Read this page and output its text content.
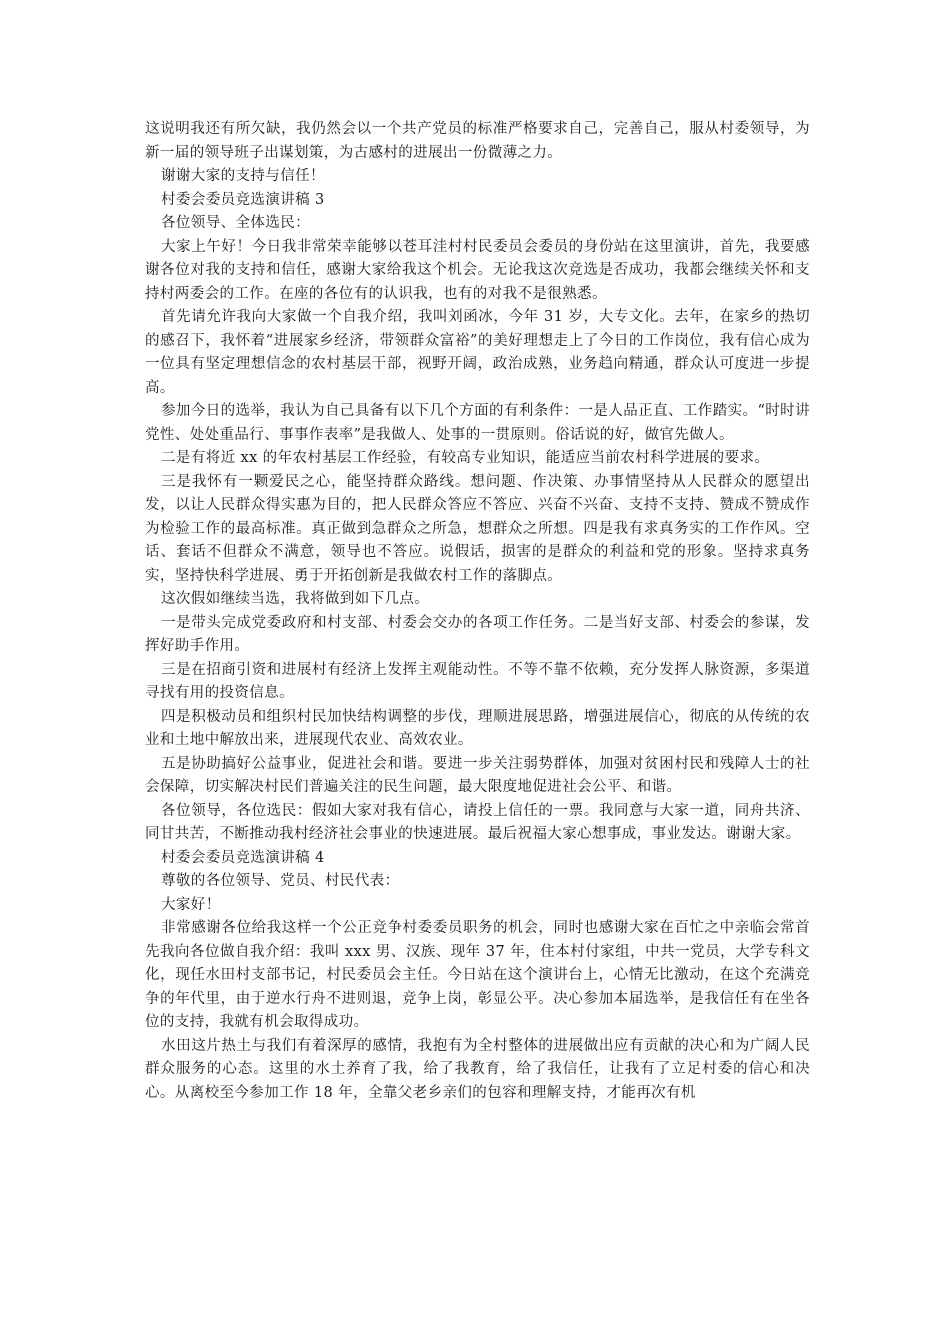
这说明我还有所欠缺，我仍然会以一个共产党员的标准严格要求自己，完善自己，服从村委领导，为新一届的领导班子出谋划策，为古感村的进展出一份微薄之力。

谢谢大家的支持与信任！

村委会委员竞选演讲稿 3

各位领导、全体选民：

大家上午好！今日我非常荣幸能够以苍耳洼村村民委员会委员的身份站在这里演讲，首先，我要感谢各位对我的支持和信任，感谢大家给我这个机会。无论我这次竞选是否成功，我都会继续关怀和支持村两委会的工作。在座的各位有的认识我，也有的对我不是很熟悉。

首先请允许我向大家做一个自我介绍，我叫刘函冰，今年 31 岁，大专文化。去年，在家乡的热切的感召下，我怀着“进展家乡经济，带领群众富裕”的美好理想走上了今日的工作岗位，我有信心成为一位具有坚定理想信念的农村基层干部，视野开阔，政治成熟，业务趋向精通，群众认可度进一步提高。

参加今日的选举，我认为自己具备有以下几个方面的有利条件：一是人品正直、工作踏实。“时时讲党性、处处重品行、事事作表率”是我做人、处事的一贯原则。俗话说的好，做官先做人。

二是有将近 xx 的年农村基层工作经验，有较高专业知识，能适应当前农村科学进展的要求。

三是我怀有一颗爱民之心，能坚持群众路线。想问题、作决策、办事情坚持从人民群众的愿望出发，以让人民群众得实惠为目的，把人民群众答应不答应、兴奋不兴奋、支持不支持、赞成不赞成作为检验工作的最高标准。真正做到急群众之所急，想群众之所想。四是我有求真务实的工作作风。空话、套话不但群众不满意，领导也不答应。说假话，损害的是群众的利益和党的形象。坚持求真务实，坚持快科学进展、勇于开拓创新是我做农村工作的落脚点。

这次假如继续当选，我将做到如下几点。

一是带头完成党委政府和村支部、村委会交办的各项工作任务。二是当好支部、村委会的参谋，发挥好助手作用。

三是在招商引资和进展村有经济上发挥主观能动性。不等不靠不依赖，充分发挥人脉资源，多渠道寻找有用的投资信息。

四是积极动员和组织村民加快结构调整的步伐，理顺进展思路，增强进展信心，彻底的从传统的农业和土地中解放出来，进展现代农业、高效农业。

五是协助搞好公益事业，促进社会和谐。要进一步关注弱势群体，加强对贫困村民和残障人士的社会保障，切实解决村民们普遍关注的民生问题，最大限度地促进社会公平、和谐。

各位领导，各位选民：假如大家对我有信心，请投上信任的一票。我同意与大家一道，同舟共济、同甘共苦，不断推动我村经济社会事业的快速进展。最后祝福大家心想事成，事业发达。谢谢大家。

村委会委员竞选演讲稿 4

尊敬的各位领导、党员、村民代表：

大家好！

非常感谢各位给我这样一个公正竞争村委委员职务的机会，同时也感谢大家在百忙之中亲临会常首先我向各位做自我介绍：我叫 xxx 男、汉族、现年 37 年，住本村付家组，中共一党员，大学专科文化，现任水田村支部书记，村民委员会主任。今日站在这个演讲台上，心情无比激动，在这个充满竞争的年代里，由于逆水行舟不进则退，竞争上岗，彰显公平。决心参加本届选举，是我信任有在坐各位的支持，我就有机会取得成功。

水田这片热土与我们有着深厚的感情，我抱有为全村整体的进展做出应有贡献的决心和为广阔人民群众服务的心态。这里的水土养育了我，给了我教育，给了我信任，让我有了立足村委的信心和决心。从离校至今参加工作 18 年，全靠父老乡亲们的包容和理解支持，才能再次有机
